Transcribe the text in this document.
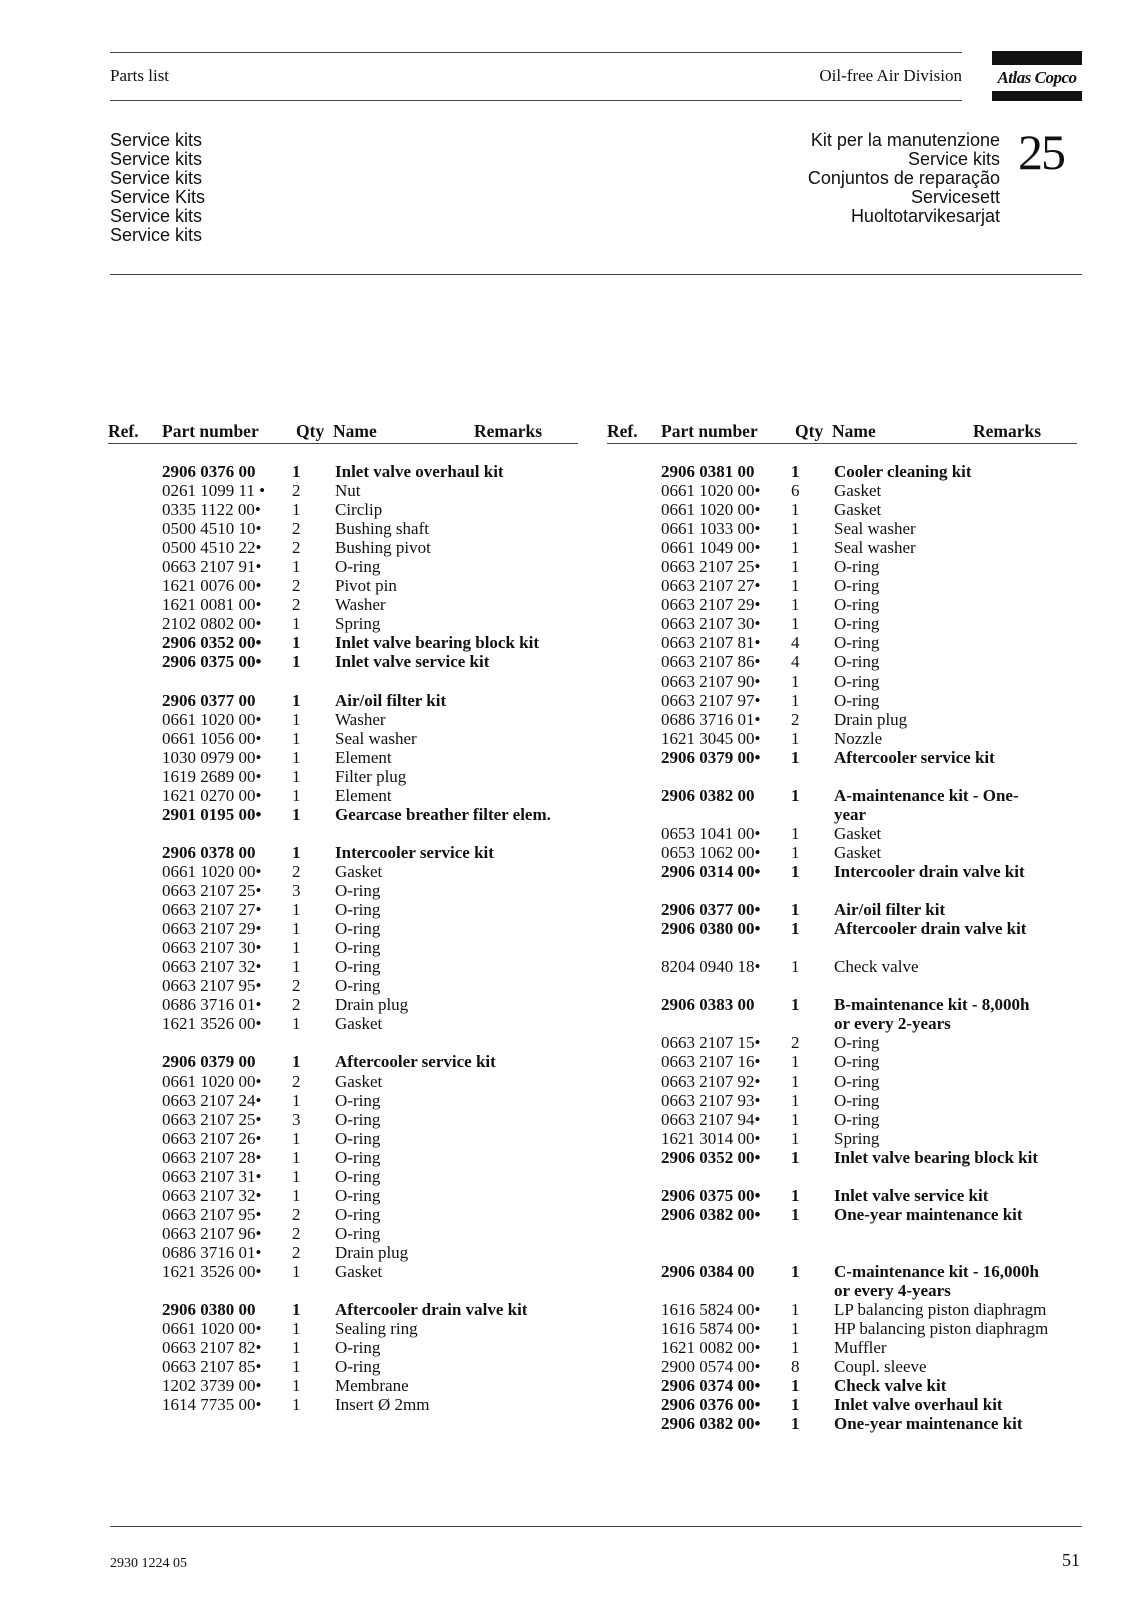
Parts list	Oil-free Air Division	Atlas Copco
Service kits
Service kits
Service kits
Service Kits
Service kits
Service kits
Kit per la manutenzione
Service kits
Conjuntos de reparação
Servicesett
Huoltotarvikesarjat
25
Ref. Part number Qty Name	Remarks
2906 0376 00 1 Inlet valve overhaul kit
0261 1099 11 • 2 Nut
0335 1122 00• 1 Circlip
0500 4510 10• 2 Bushing shaft
0500 4510 22• 2 Bushing pivot
0663 2107 91• 1 O-ring
1621 0076 00• 2 Pivot pin
1621 0081 00• 2 Washer
2102 0802 00• 1 Spring
2906 0352 00• 1 Inlet valve bearing block kit
2906 0375 00• 1 Inlet valve service kit
2906 0377 00 1 Air/oil filter kit
0661 1020 00• 1 Washer
0661 1056 00• 1 Seal washer
1030 0979 00• 1 Element
1619 2689 00• 1 Filter plug
1621 0270 00• 1 Element
2901 0195 00• 1 Gearcase breather filter elem.
2906 0378 00 1 Intercooler service kit
0661 1020 00• 2 Gasket
0663 2107 25• 3 O-ring
0663 2107 27• 1 O-ring
0663 2107 29• 1 O-ring
0663 2107 30• 1 O-ring
0663 2107 32• 1 O-ring
0663 2107 95• 2 O-ring
0686 3716 01• 2 Drain plug
1621 3526 00• 1 Gasket
2906 0379 00 1 Aftercooler service kit
0661 1020 00• 2 Gasket
0663 2107 24• 1 O-ring
0663 2107 25• 3 O-ring
0663 2107 26• 1 O-ring
0663 2107 28• 1 O-ring
0663 2107 31• 1 O-ring
0663 2107 32• 1 O-ring
0663 2107 95• 2 O-ring
0663 2107 96• 2 O-ring
0686 3716 01• 2 Drain plug
1621 3526 00• 1 Gasket
2906 0380 00 1 Aftercooler drain valve kit
0661 1020 00• 1 Sealing ring
0663 2107 82• 1 O-ring
0663 2107 85• 1 O-ring
1202 3739 00• 1 Membrane
1614 7735 00• 1 Insert Ø 2mm
Ref. Part number Qty Name	Remarks
2906 0381 00 1 Cooler cleaning kit
0661 1020 00• 6 Gasket
0661 1020 00• 1 Gasket
0661 1033 00• 1 Seal washer
0661 1049 00• 1 Seal washer
0663 2107 25• 1 O-ring
0663 2107 27• 1 O-ring
0663 2107 29• 1 O-ring
0663 2107 30• 1 O-ring
0663 2107 81• 4 O-ring
0663 2107 86• 4 O-ring
0663 2107 90• 1 O-ring
0663 2107 97• 1 O-ring
0686 3716 01• 2 Drain plug
1621 3045 00• 1 Nozzle
2906 0379 00• 1 Aftercooler service kit
2906 0382 00 1 A-maintenance kit - One-
year
0653 1041 00• 1 Gasket
0653 1062 00• 1 Gasket
2906 0314 00• 1 Intercooler drain valve kit
2906 0377 00• 1 Air/oil filter kit
2906 0380 00• 1 Aftercooler drain valve kit
8204 0940 18• 1 Check valve
2906 0383 00 1 B-maintenance kit - 8,000h
or every 2-years
0663 2107 15• 2 O-ring
0663 2107 16• 1 O-ring
0663 2107 92• 1 O-ring
0663 2107 93• 1 O-ring
0663 2107 94• 1 O-ring
1621 3014 00• 1 Spring
2906 0352 00• 1 Inlet valve bearing block kit
2906 0375 00• 1 Inlet valve service kit
2906 0382 00• 1 One-year maintenance kit
2906 0384 00 1 C-maintenance kit - 16,000h
or every 4-years
1616 5824 00• 1 LP balancing piston diaphragm
1616 5874 00• 1 HP balancing piston diaphragm
1621 0082 00• 1 Muffler
2900 0574 00• 8 Coupl. sleeve
2906 0374 00• 1 Check valve kit
2906 0376 00• 1 Inlet valve overhaul kit
2906 0382 00• 1 One-year maintenance kit
2930 1224 05	51
